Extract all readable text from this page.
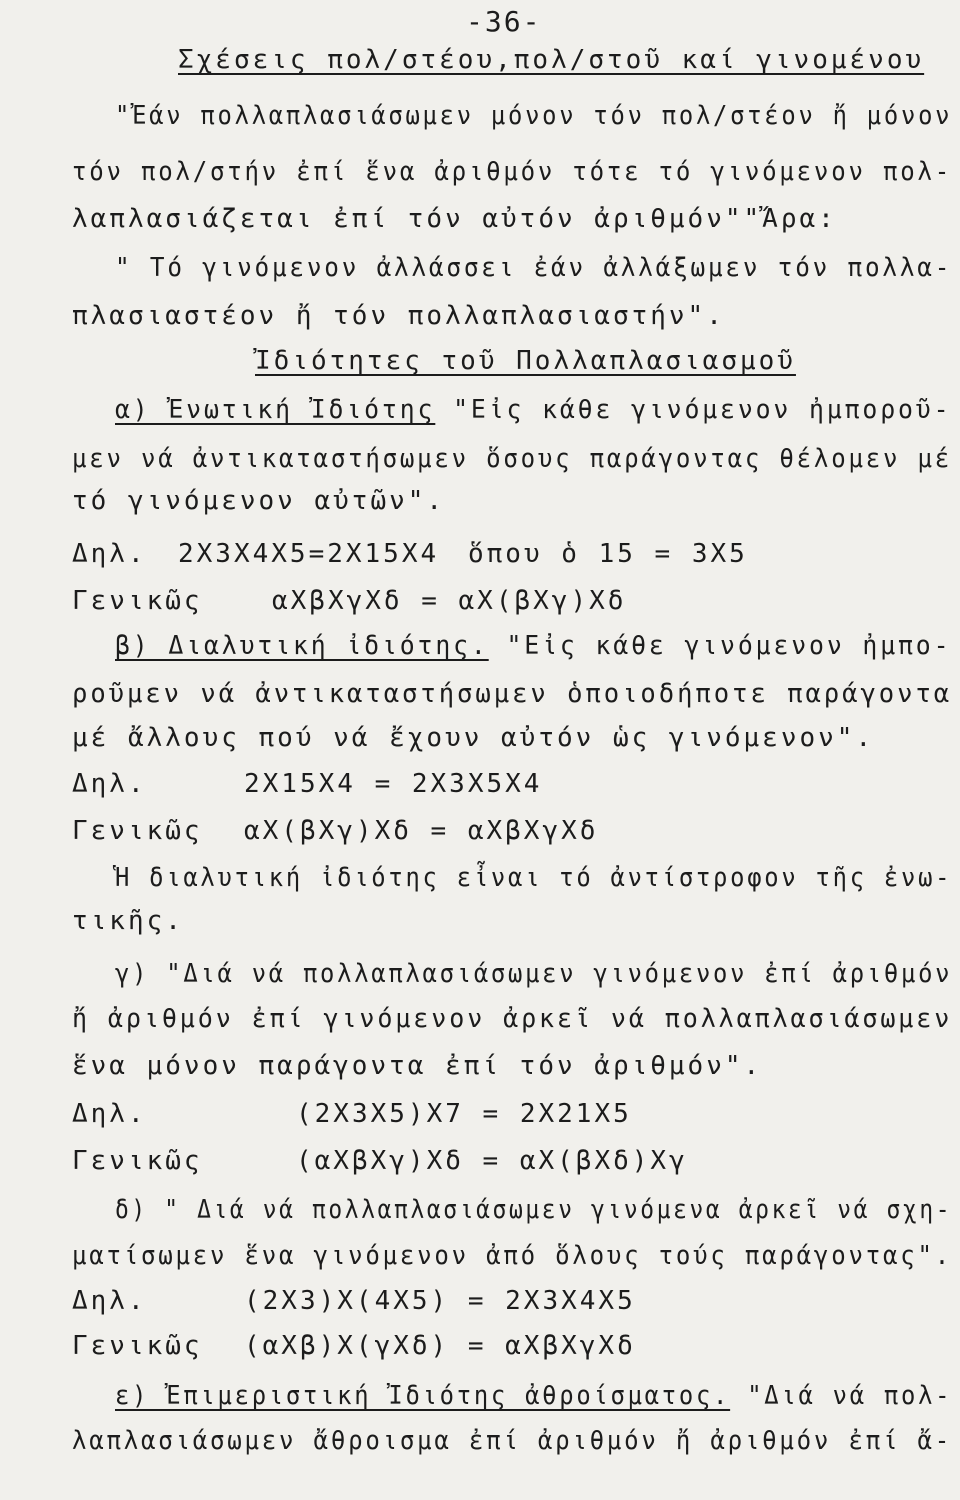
-36-
Σχέσεις πολ/στέου,πολ/στοῦ καί γινομένου
"Ἐάν πολλαπλασιάσωμεν μόνον τόν πολ/στέον ἤ μόνον
τόν πολ/στήν ἐπί ἕνα ἀριθμόν τότε τό γινόμενον πολ-
λαπλασιάζεται ἐπί τόν αὐτόν ἀριθμόν""Ἄρα:
" Τό γινόμενον ἀλλάσσει ἐάν ἀλλάξωμεν τόν πολλα-
πλασιαστέον ἤ τόν πολλαπλασιαστήν".
Ἰδιότητες τοῦ Πολλαπλασιασμοῦ
α) Ἐνωτική Ἰδιότης "Εἰς κάθε γινόμενον ἠμποροῦ-
μεν νά ἀντικαταστήσωμεν ὅσους παράγοντας θέλομεν μέ
τό γινόμενον αὐτῶν".
Δηλ. 2Χ3Χ4Χ5=2Χ15Χ4 ὅπου ὁ 15 = 3Χ5
Γενικῶς	αΧβΧγΧδ = αΧ(βΧγ)Χδ
β) Διαλυτική ἰδιότης. "Εἰς κάθε γινόμενον ἠμπο-
ροῦμεν νά ἀντικαταστήσωμεν ὁποιοδήποτε παράγοντα
μέ ἄλλους πού νά ἔχουν αὐτόν ὡς γινόμενον".
Δηλ.	2Χ15Χ4 = 2Χ3Χ5Χ4
Γενικῶς αΧ(βΧγ)Χδ = αΧβΧγΧδ
Ἡ διαλυτική ἰδιότης εἶναι τό ἀντίστροφον τῆς ἐνω-
τικῆς.
γ) "Διά νά πολλαπλασιάσωμεν γινόμενον ἐπί ἀριθμόν
ἤ ἀριθμόν ἐπί γινόμενον ἀρκεῖ νά πολλαπλασιάσωμεν
ἕνα μόνον παράγοντα ἐπί τόν ἀριθμόν".
Δηλ.	(2Χ3Χ5)Χ7 = 2Χ21Χ5
Γενικῶς	(αΧβΧγ)Χδ = αΧ(βΧδ)Χγ
δ) " Διά νά πολλαπλασιάσωμεν γινόμενα ἀρκεῖ νά σχη-
ματίσωμεν ἕνα γινόμενον ἀπό ὅλους τούς παράγοντας".
Δηλ.	(2Χ3)Χ(4Χ5) = 2Χ3Χ4Χ5
Γενικῶς (αΧβ)Χ(γΧδ) = αΧβΧγΧδ
ε) Ἐπιμεριστική Ἰδιότης ἀθροίσματος. "Διά νά πολ-
λαπλασιάσωμεν ἄθροισμα ἐπί ἀριθμόν ἤ ἀριθμόν ἐπί ἄ-
